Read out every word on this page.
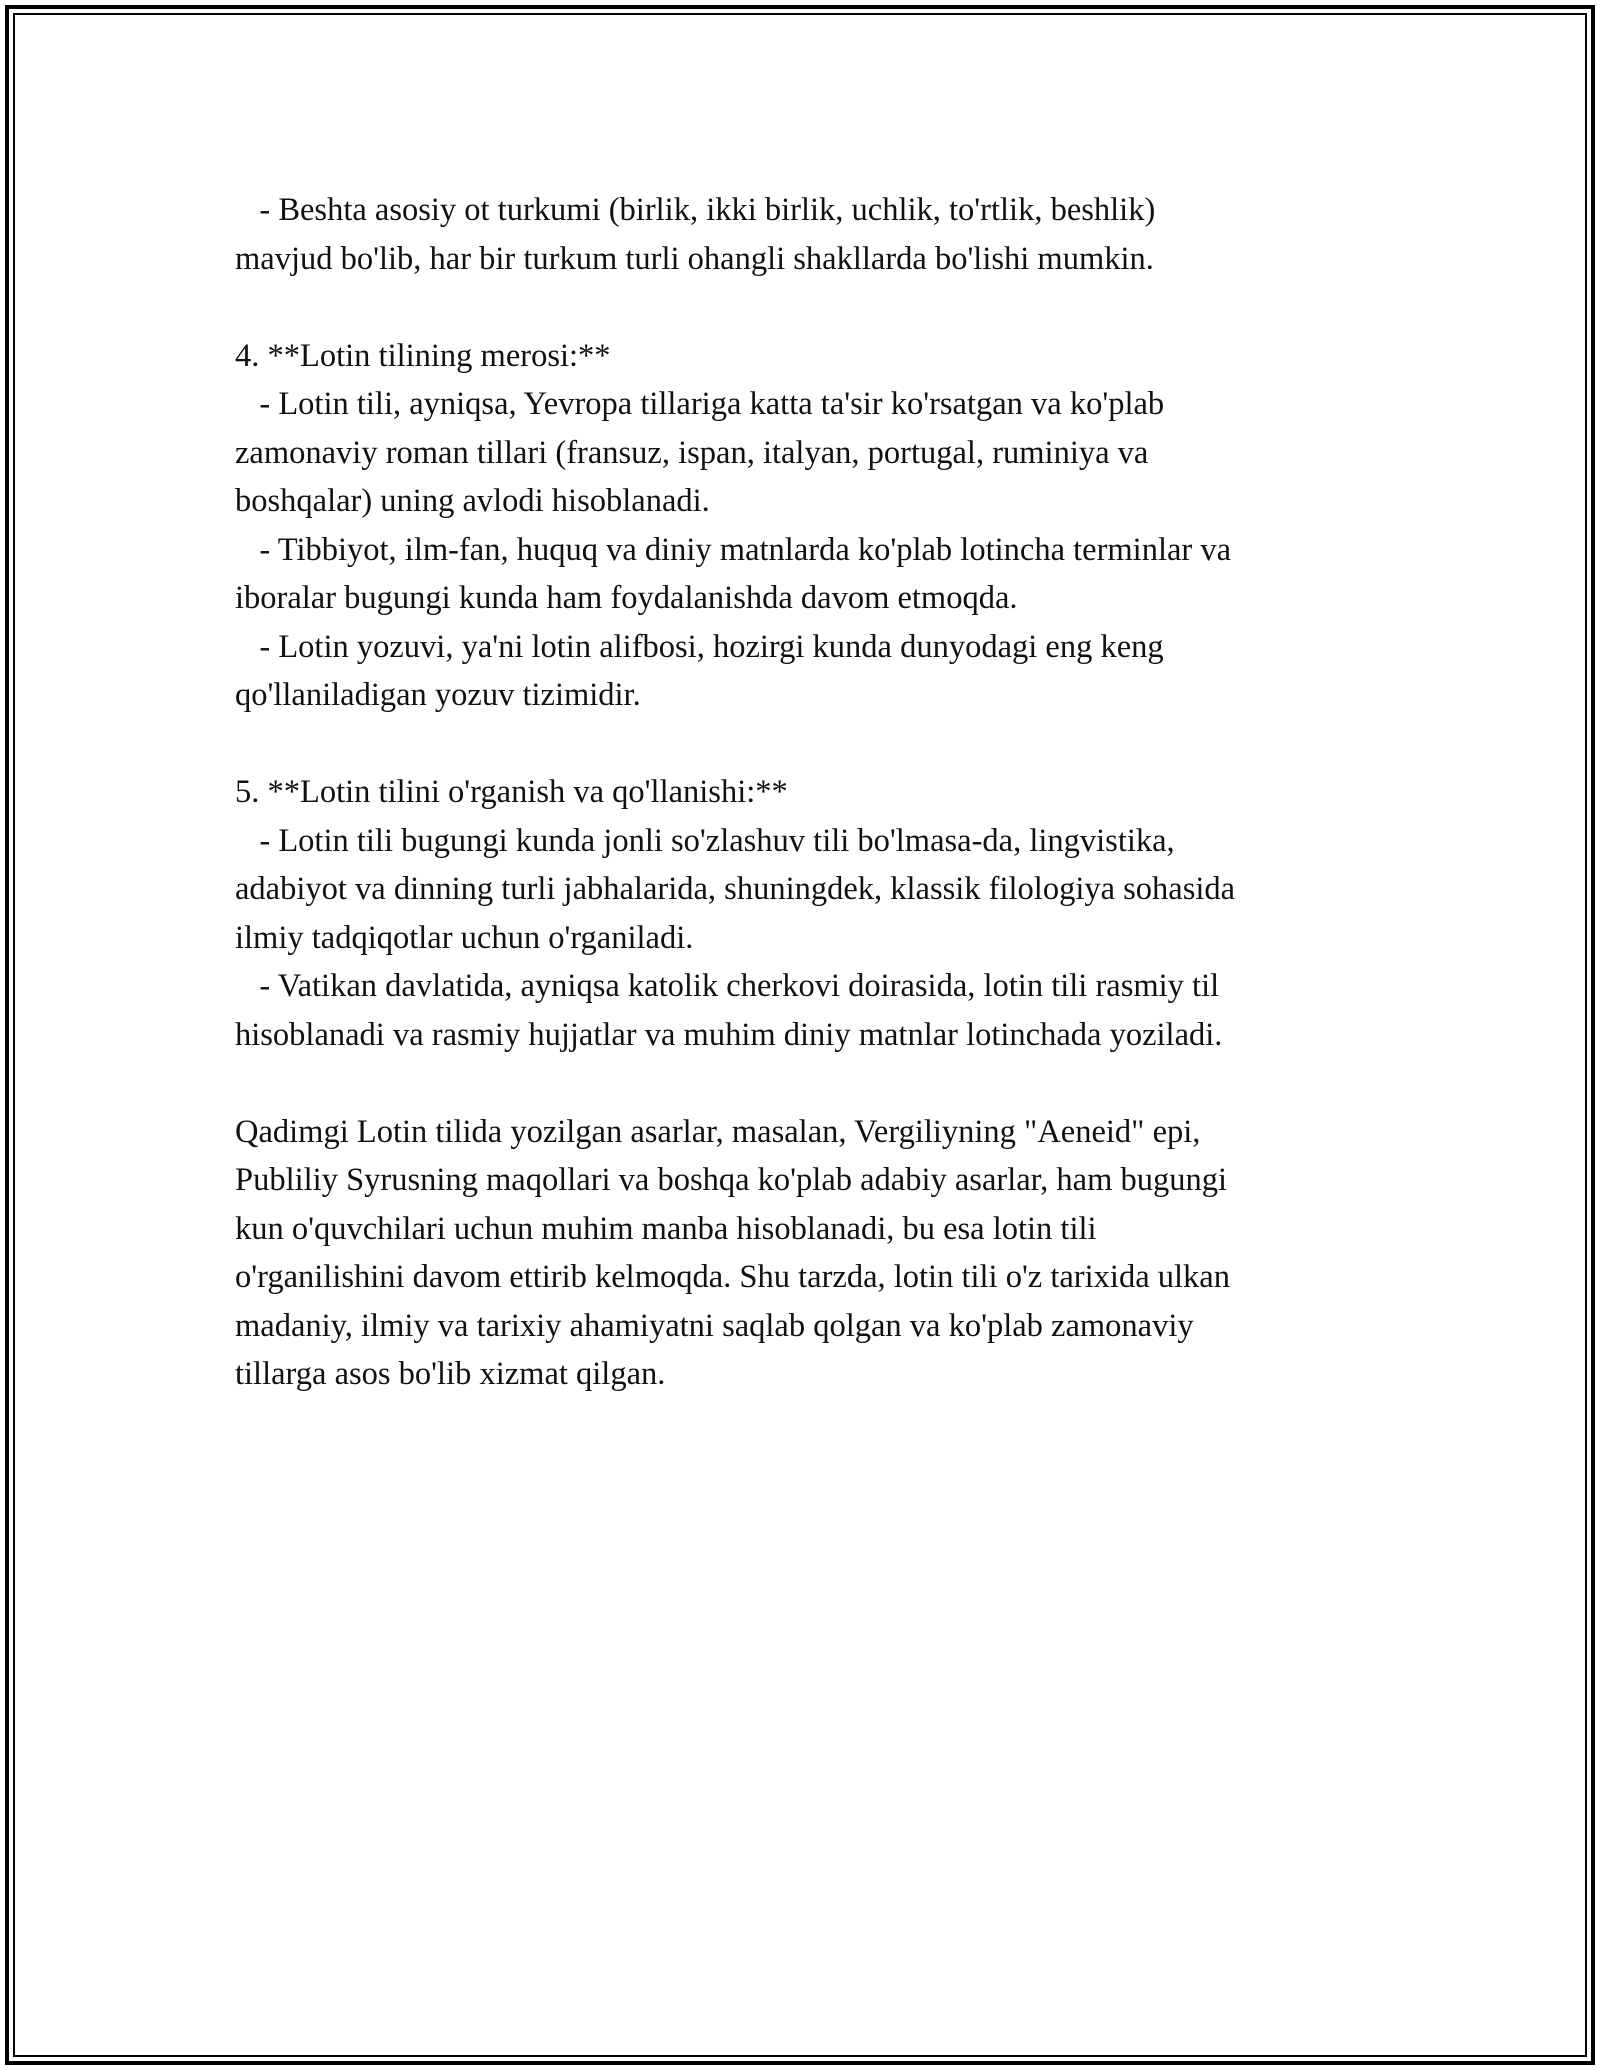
- Beshta asosiy ot turkumi (birlik, ikki birlik, uchlik, to'rtlik, beshlik)
mavjud bo'lib, har bir turkum turli ohangli shakllarda bo'lishi mumkin.
4. **Lotin tilining merosi:**
- Lotin tili, ayniqsa, Yevropa tillariga katta ta'sir ko'rsatgan va ko'plab
zamonaviy roman tillari (fransuz, ispan, italyan, portugal, ruminiya va
boshqalar) uning avlodi hisoblanadi.
- Tibbiyot, ilm-fan, huquq va diniy matnlarda ko'plab lotincha terminlar va
iboralar bugungi kunda ham foydalanishda davom etmoqda.
- Lotin yozuvi, ya'ni lotin alifbosi, hozirgi kunda dunyodagi eng keng
qo'llaniladigan yozuv tizimidir.
5. **Lotin tilini o'rganish va qo'llanishi:**
- Lotin tili bugungi kunda jonli so'zlashuv tili bo'lmasa-da, lingvistika,
adabiyot va dinning turli jabhalarida, shuningdek, klassik filologiya sohasida
ilmiy tadqiqotlar uchun o'rganiladi.
- Vatikan davlatida, ayniqsa katolik cherkovi doirasida, lotin tili rasmiy til
hisoblanadi va rasmiy hujjatlar va muhim diniy matnlar lotinchada yoziladi.
Qadimgi Lotin tilida yozilgan asarlar, masalan, Vergiliyning "Aeneid" epi,
Publiliy Syrusning maqollari va boshqa ko'plab adabiy asarlar, ham bugungi
kun o'quvchilari uchun muhim manba hisoblanadi, bu esa lotin tili
o'rganilishini davom ettirib kelmoqda. Shu tarzda, lotin tili o'z tarixida ulkan
madaniy, ilmiy va tarixiy ahamiyatni saqlab qolgan va ko'plab zamonaviy
tillarga asos bo'lib xizmat qilgan.
